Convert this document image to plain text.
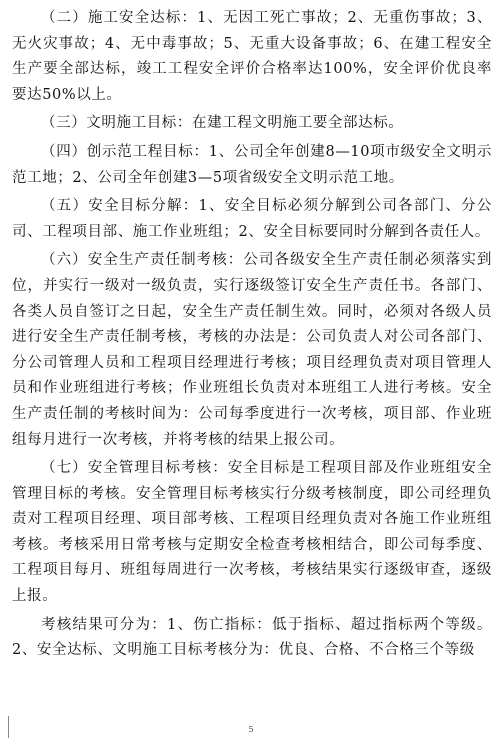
（二）施工安全达标：1、无因工死亡事故；2、无重伤事故；3、无火灾事故；4、无中毒事故；5、无重大设备事故；6、在建工程安全生产要全部达标，竣工工程安全评价合格率达100%，安全评价优良率要达50%以上。

（三）文明施工目标：在建工程文明施工要全部达标。

（四）创示范工程目标：1、公司全年创建8—10项市级安全文明示范工地；2、公司全年创建3—5项省级安全文明示范工地。

（五）安全目标分解：1、安全目标必须分解到公司各部门、分公司、工程项目部、施工作业班组；2、安全目标要同时分解到各责任人。

（六）安全生产责任制考核：公司各级安全生产责任制必须落实到位，并实行一级对一级负责，实行逐级签订安全生产责任书。各部门、各类人员自签订之日起，安全生产责任制生效。同时，必须对各级人员进行安全生产责任制考核，考核的办法是：公司负责人对公司各部门、分公司管理人员和工程项目经理进行考核；项目经理负责对项目管理人员和作业班组进行考核；作业班组长负责对本班组工人进行考核。安全生产责任制的考核时间为：公司每季度进行一次考核，项目部、作业班组每月进行一次考核，并将考核的结果上报公司。

（七）安全管理目标考核：安全目标是工程项目部及作业班组安全管理目标的考核。安全管理目标考核实行分级考核制度，即公司经理负责对工程项目经理、项目部考核、工程项目经理负责对各施工作业班组考核。考核采用日常考核与定期安全检查考核相结合，即公司每季度、工程项目每月、班组每周进行一次考核，考核结果实行逐级审查，逐级上报。

考核结果可分为：1、伤亡指标：低于指标、超过指标两个等级。2、安全达标、文明施工目标考核分为：优良、合格、不合格三个等级

5
